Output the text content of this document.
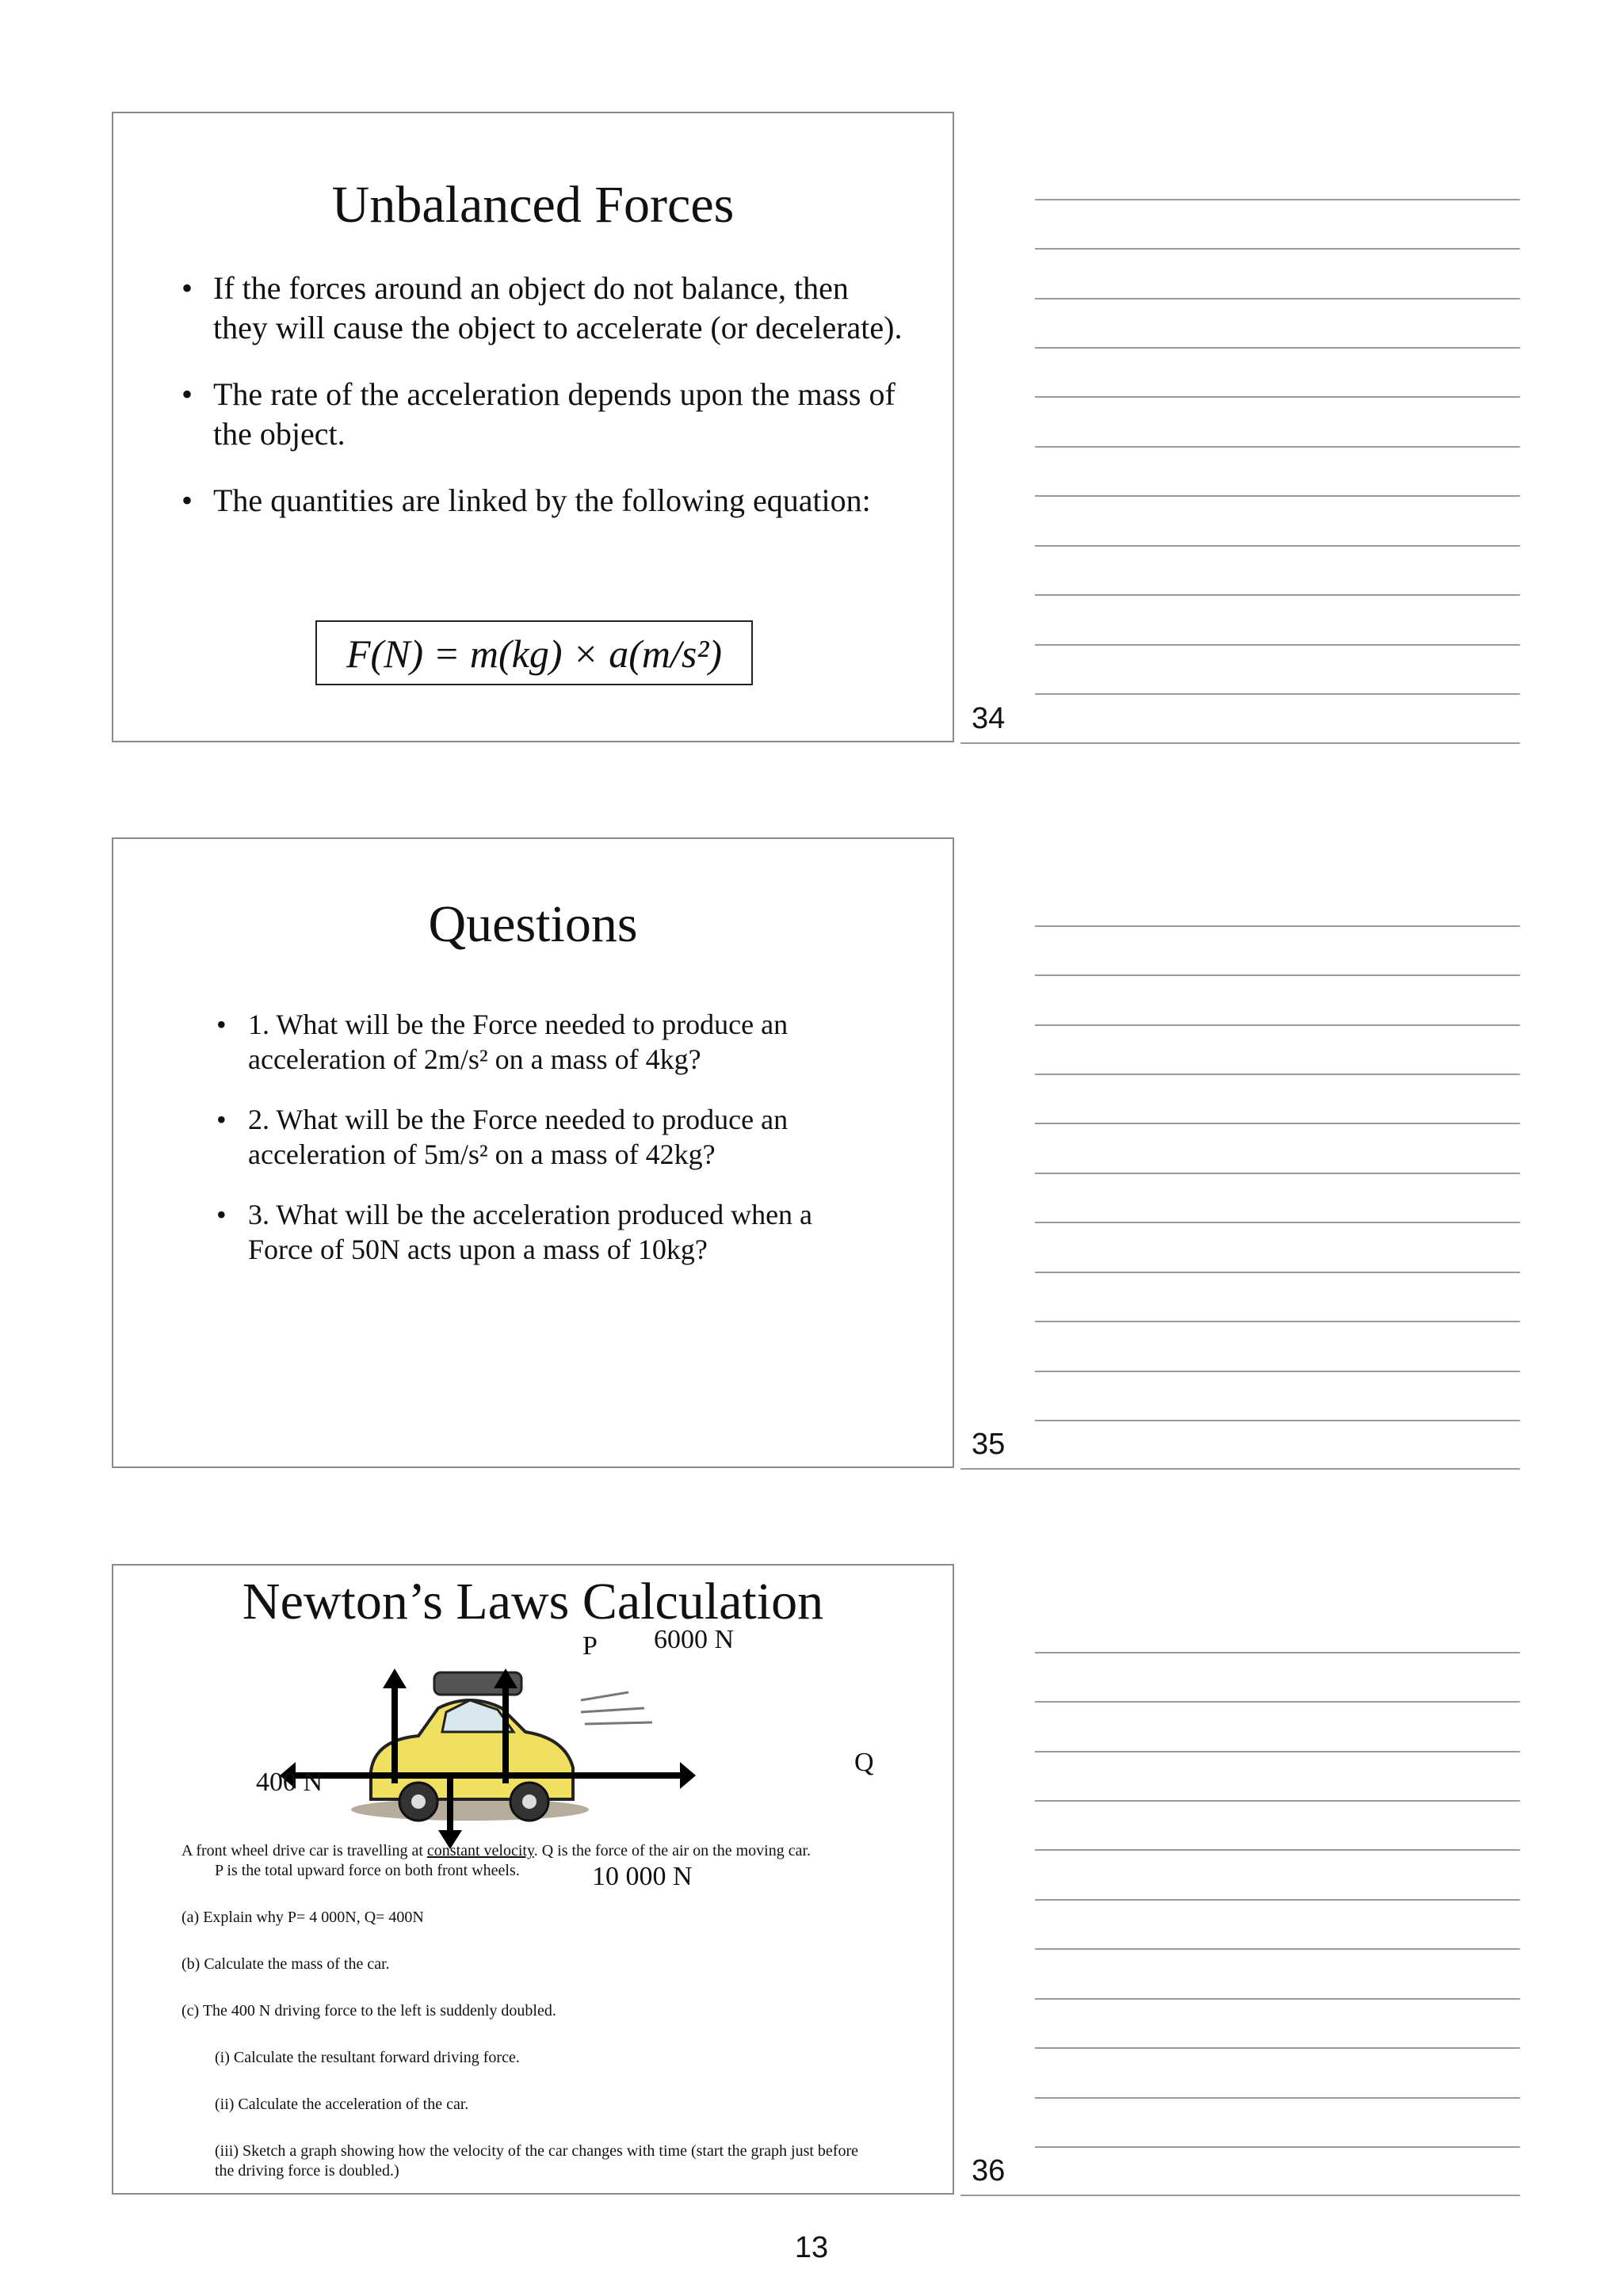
Unbalanced Forces
• If the forces around an object do not balance, then they will cause the object to accelerate (or decelerate).
• The rate of the acceleration depends upon the mass of the object.
• The quantities are linked by the following equation:
F(N) = m(kg) × a(m/s²)
Questions
• 1. What will be the Force needed to produce an acceleration of 2m/s² on a mass of 4kg?
• 2. What will be the Force needed to produce an acceleration of 5m/s² on a mass of 42kg?
• 3. What will be the acceleration produced when a Force of 50N acts upon a mass of 10kg?
Newton’s Laws Calculation
P 6000 N
400 N
Q
10 000 N

A front wheel drive car is travelling at constant velocity. Q is the force of the air on the moving car.

P is the total upward force on both front wheels.

(a) Explain why P= 4 000N, Q= 400N

(b) Calculate the mass of the car.

(c) The 400 N driving force to the left is suddenly doubled.

(i) Calculate the resultant forward driving force.

(ii) Calculate the acceleration of the car.

(iii) Sketch a graph showing how the velocity of the car changes with time (start the graph just before the driving force is doubled.)

34
35
36
13
